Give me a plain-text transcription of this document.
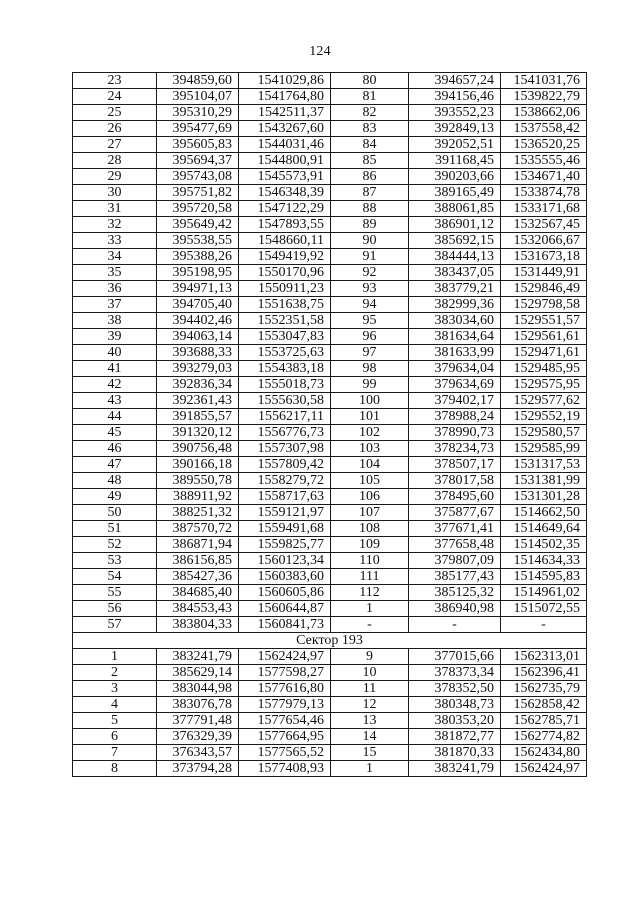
124
23	394859,60	1541029,86	80	394657,24	1541031,76
24	395104,07	1541764,80	81	394156,46	1539822,79
25	395310,29	1542511,37	82	393552,23	1538662,06
26	395477,69	1543267,60	83	392849,13	1537558,42
27	395605,83	1544031,46	84	392052,51	1536520,25
28	395694,37	1544800,91	85	391168,45	1535555,46
29	395743,08	1545573,91	86	390203,66	1534671,40
30	395751,82	1546348,39	87	389165,49	1533874,78
31	395720,58	1547122,29	88	388061,85	1533171,68
32	395649,42	1547893,55	89	386901,12	1532567,45
33	395538,55	1548660,11	90	385692,15	1532066,67
34	395388,26	1549419,92	91	384444,13	1531673,18
35	395198,95	1550170,96	92	383437,05	1531449,91
36	394971,13	1550911,23	93	383779,21	1529846,49
37	394705,40	1551638,75	94	382999,36	1529798,58
38	394402,46	1552351,58	95	383034,60	1529551,57
39	394063,14	1553047,83	96	381634,64	1529561,61
40	393688,33	1553725,63	97	381633,99	1529471,61
41	393279,03	1554383,18	98	379634,04	1529485,95
42	392836,34	1555018,73	99	379634,69	1529575,95
43	392361,43	1555630,58	100	379402,17	1529577,62
44	391855,57	1556217,11	101	378988,24	1529552,19
45	391320,12	1556776,73	102	378990,73	1529580,57
46	390756,48	1557307,98	103	378234,73	1529585,99
47	390166,18	1557809,42	104	378507,17	1531317,53
48	389550,78	1558279,72	105	378017,58	1531381,99
49	388911,92	1558717,63	106	378495,60	1531301,28
50	388251,32	1559121,97	107	375877,67	1514662,50
51	387570,72	1559491,68	108	377671,41	1514649,64
52	386871,94	1559825,77	109	377658,48	1514502,35
53	386156,85	1560123,34	110	379807,09	1514634,33
54	385427,36	1560383,60	111	385177,43	1514595,83
55	384685,40	1560605,86	112	385125,32	1514961,02
56	384553,43	1560644,87	1	386940,98	1515072,55
57	383804,33	1560841,73	-	-	-
Сектор 193					
1	383241,79	1562424,97	9	377015,66	1562313,01
2	385629,14	1577598,27	10	378373,34	1562396,41
3	383044,98	1577616,80	11	378352,50	1562735,79
4	383076,78	1577979,13	12	380348,73	1562858,42
5	377791,48	1577654,46	13	380353,20	1562785,71
6	376329,39	1577664,95	14	381872,77	1562774,82
7	376343,57	1577565,52	15	381870,33	1562434,80
8	373794,28	1577408,93	1	383241,79	1562424,97
